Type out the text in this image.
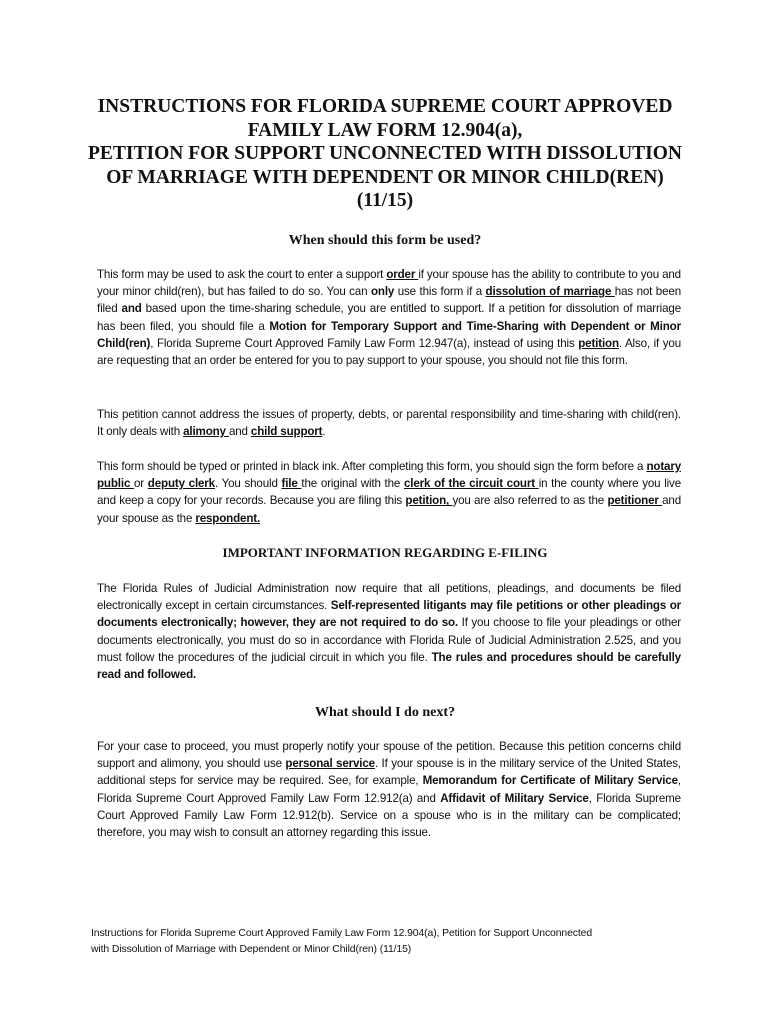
INSTRUCTIONS FOR FLORIDA SUPREME COURT APPROVED
FAMILY LAW FORM 12.904(a),
PETITION FOR SUPPORT UNCONNECTED WITH DISSOLUTION
OF MARRIAGE WITH DEPENDENT OR MINOR CHILD(REN)
(11/15)
When should this form be used?
This form may be used to ask the court to enter a support order if your spouse has the ability to contribute to you and your minor child(ren), but has failed to do so. You can only use this form if a dissolution of marriage has not been filed and based upon the time-sharing schedule, you are entitled to support. If a petition for dissolution of marriage has been filed, you should file a Motion for Temporary Support and Time-Sharing with Dependent or Minor Child(ren), Florida Supreme Court Approved Family Law Form 12.947(a), instead of using this petition. Also, if you are requesting that an order be entered for you to pay support to your spouse, you should not file this form.
This petition cannot address the issues of property, debts, or parental responsibility and time-sharing with child(ren). It only deals with alimony and child support.
This form should be typed or printed in black ink. After completing this form, you should sign the form before a notary public or deputy clerk. You should file the original with the clerk of the circuit court in the county where you live and keep a copy for your records. Because you are filing this petition, you are also referred to as the petitioner and your spouse as the respondent.
IMPORTANT INFORMATION REGARDING E-FILING
The Florida Rules of Judicial Administration now require that all petitions, pleadings, and documents be filed electronically except in certain circumstances. Self-represented litigants may file petitions or other pleadings or documents electronically; however, they are not required to do so. If you choose to file your pleadings or other documents electronically, you must do so in accordance with Florida Rule of Judicial Administration 2.525, and you must follow the procedures of the judicial circuit in which you file. The rules and procedures should be carefully read and followed.
What should I do next?
For your case to proceed, you must properly notify your spouse of the petition. Because this petition concerns child support and alimony, you should use personal service. If your spouse is in the military service of the United States, additional steps for service may be required. See, for example, Memorandum for Certificate of Military Service, Florida Supreme Court Approved Family Law Form 12.912(a) and Affidavit of Military Service, Florida Supreme Court Approved Family Law Form 12.912(b). Service on a spouse who is in the military can be complicated; therefore, you may wish to consult an attorney regarding this issue.
Instructions for Florida Supreme Court Approved Family Law Form 12.904(a), Petition for Support Unconnected
with Dissolution of Marriage with Dependent or Minor Child(ren) (11/15)
